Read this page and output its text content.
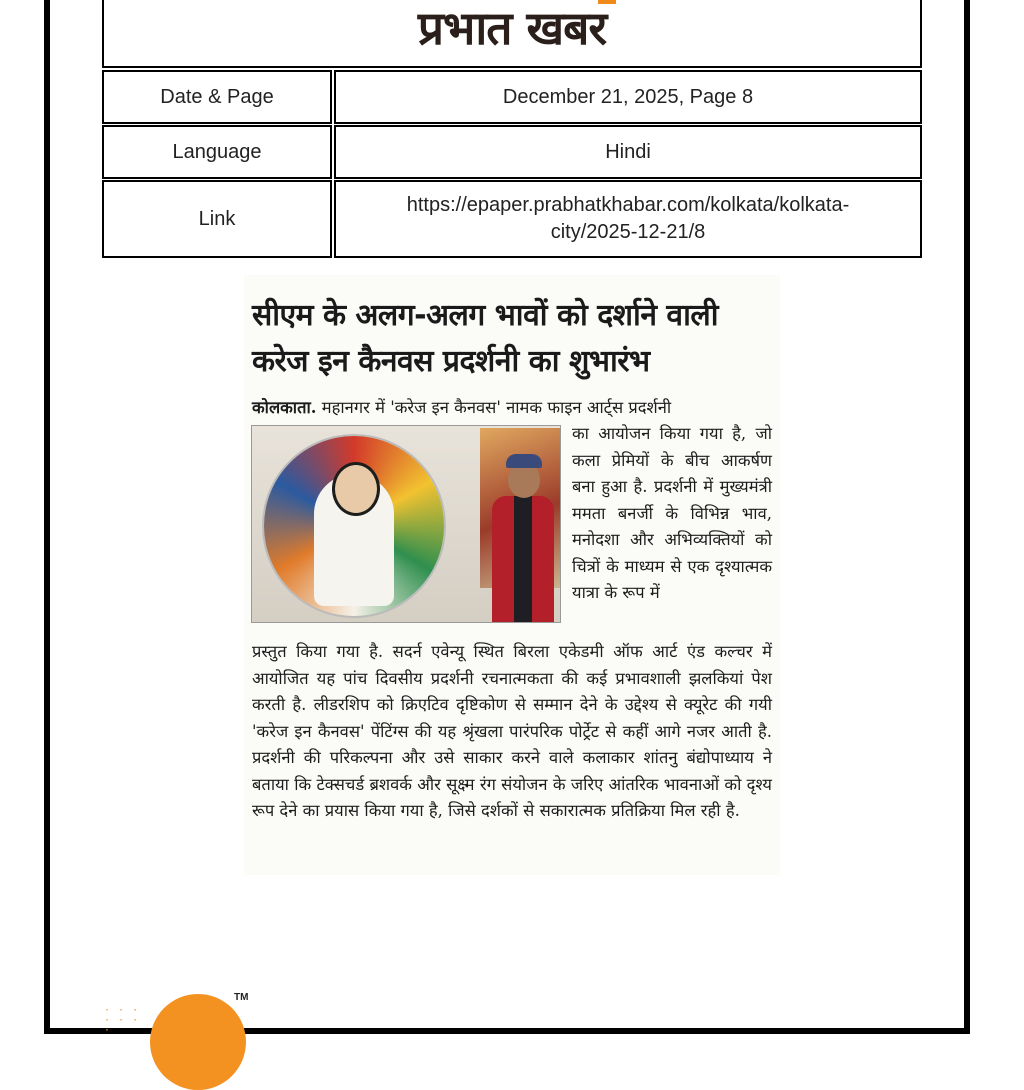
प्रभात खबर
Date & Page	December 21, 2025, Page 8
Language	Hindi
Link
https://epaper.prabhatkhabar.com/kolkata/kolkata-city/2025-12-21/8
सीएम के अलग-अलग भावों को दर्शाने वाली करेज इन कैनवस प्रदर्शनी का शुभारंभ
कोलकाता. महानगर में 'करेज इन कैनवस' नामक फाइन आर्ट्स प्रदर्शनी
का आयोजन किया गया है, जो कला प्रेमियों के बीच आकर्षण बना हुआ है. प्रदर्शनी में मुख्यमंत्री ममता बनर्जी के विभिन्न भाव, मनोदशा और अभिव्यक्तियों को चित्रों के माध्यम से एक दृश्यात्मक यात्रा के रूप में
प्रस्तुत किया गया है. सदर्न एवेन्यू स्थित बिरला एकेडमी ऑफ आर्ट एंड कल्चर में आयोजित यह पांच दिवसीय प्रदर्शनी रचनात्मकता की कई प्रभावशाली झलकियां पेश करती है. लीडरशिप को क्रिएटिव दृष्टिकोण से सम्मान देने के उद्देश्य से क्यूरेट की गयी 'करेज इन कैनवस' पेंटिंग्स की यह श्रृंखला पारंपरिक पोर्ट्रेट से कहीं आगे नजर आती है. प्रदर्शनी की परिकल्पना और उसे साकार करने वाले कलाकार शांतनु बंद्योपाध्याय ने बताया कि टेक्सचर्ड ब्रशवर्क और सूक्ष्म रंग संयोजन के जरिए आंतरिक भावनाओं को दृश्य रूप देने का प्रयास किया गया है, जिसे दर्शकों से सकारात्मक प्रतिक्रिया मिल रही है.
· · ·
· · · ·
TM
